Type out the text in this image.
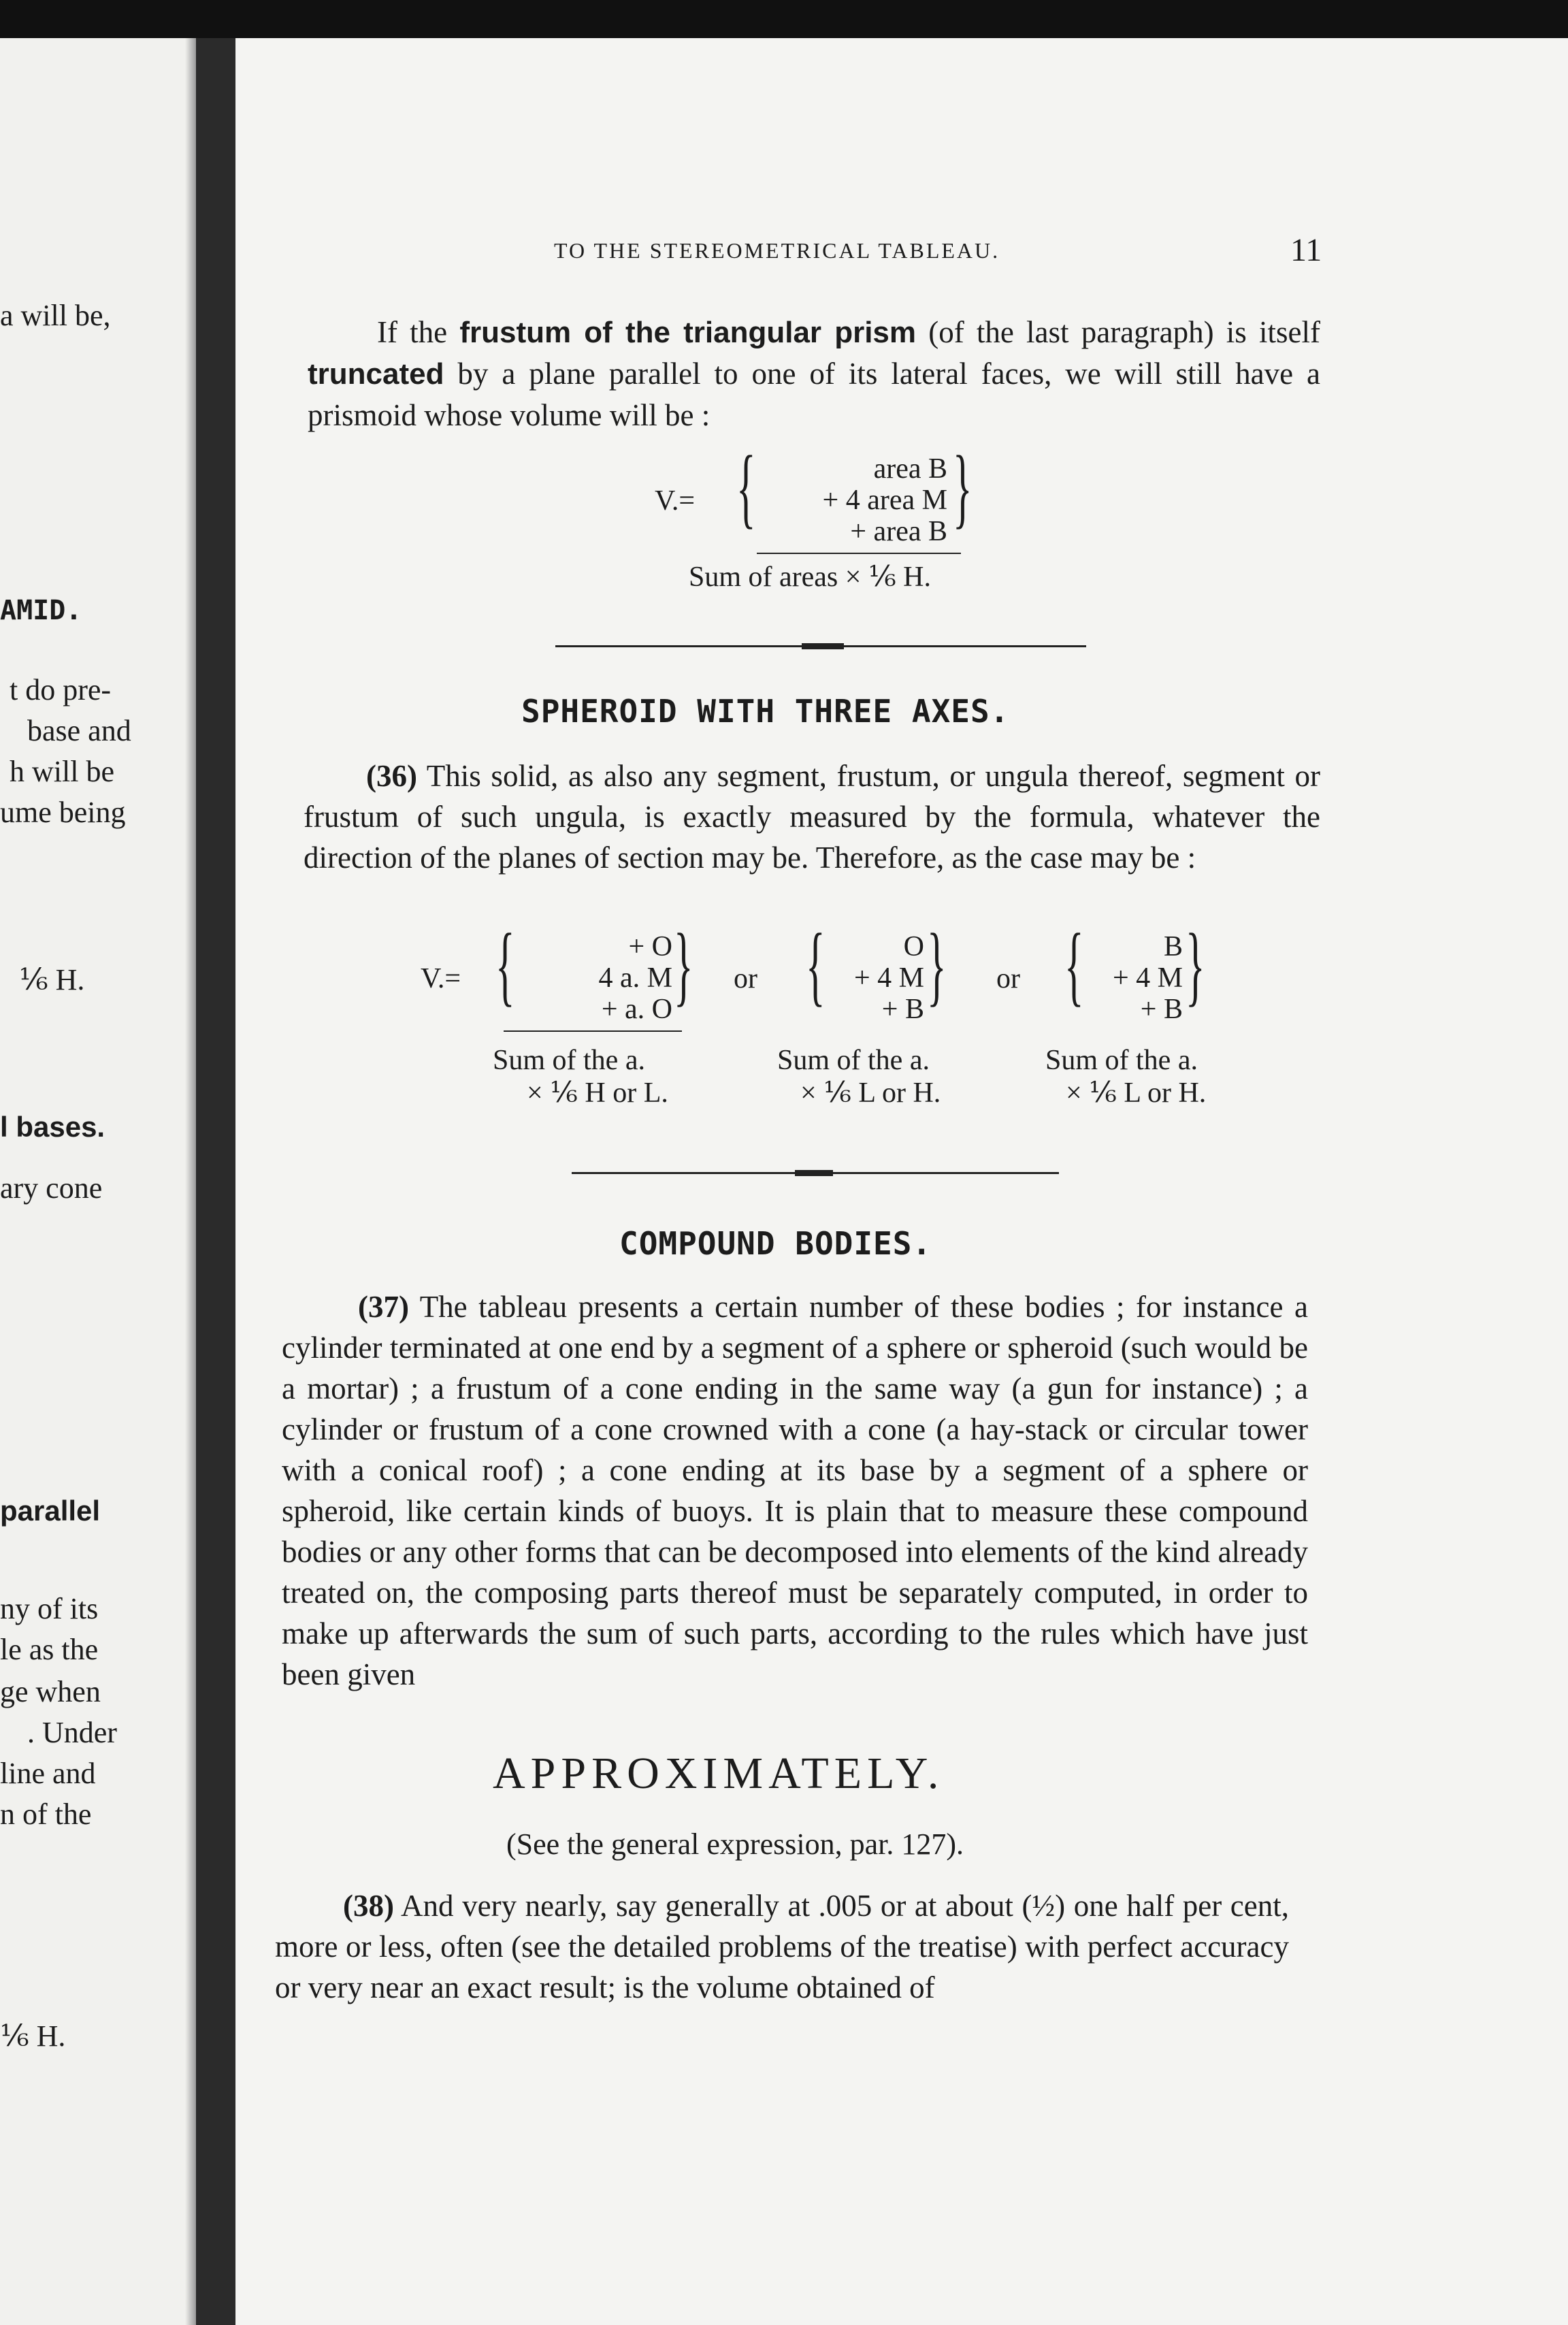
a will be,
AMID.
t do pre-
base and
h will be
ume being
⅙ H.
l bases.
ary cone
parallel
ny of its
le as the
ge when
. Under
line and
n of the
⅙ H.
TO THE STEREOMETRICAL TABLEAU.	11
If the frustum of the triangular prism (of the last paragraph) is itself truncated by a plane parallel to one of its lateral faces, we will still have a prismoid whose volume will be :
V.= {	area B
+ 4 area M
+ area B }
Sum of areas × ⅙ H.
SPHEROID WITH THREE AXES.
(36) This solid, as also any segment, frustum, or ungula thereof, segment or frustum of such ungula, is exactly measured by the formula, whatever the direction of the planes of section may be. Therefore, as the case may be :
V.= {	+ O
4 a. M
+ a. O }
Sum of the a.
× ⅙ H or L.
or {	O
+ 4 M
+ B }
Sum of the a.
× ⅙ L or H.
or {	B
+ 4 M
+ B }
Sum of the a.
× ⅙ L or H.
COMPOUND BODIES.
(37) The tableau presents a certain number of these bodies ; for instance a cylinder terminated at one end by a segment of a sphere or spheroid (such would be a mortar) ; a frustum of a cone ending in the same way (a gun for instance) ; a cylinder or frustum of a cone crowned with a cone (a hay-stack or circular tower with a conical roof) ; a cone ending at its base by a segment of a sphere or spheroid, like certain kinds of buoys. It is plain that to measure these compound bodies or any other forms that can be decomposed into elements of the kind already treated on, the composing parts thereof must be separately computed, in order to make up afterwards the sum of such parts, according to the rules which have just been given
APPROXIMATELY.
(See the general expression, par. 127).
(38) And very nearly, say generally at .005 or at about (½) one half per cent, more or less, often (see the detailed problems of the treatise) with perfect accuracy or very near an exact result; is the volume obtained of
